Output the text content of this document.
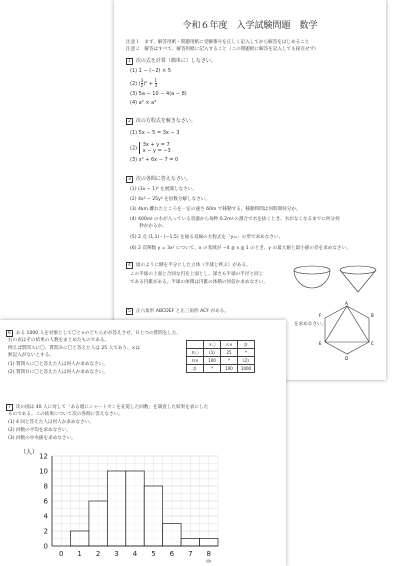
令和６年度　入学試験問題　数学
注意１　まず、解答用紙・問題用紙に受験番号を正しく記入してから解答をはじめること
注意２　解答はすべて、解答用紙に記入すること（この問題紙に解答を記入しても採点せず）
1 次の式を計算（簡単に）しなさい。
(1) 1 − (−2) × 5
(2) ( $\frac{3}{2})^2 + \frac{1}{3}$
(3) 5a − 10 − 4(a − 8)
(4) a² × a³
2 次の方程式を解きなさい。
(1) 5x − 5 = 3x − 3
(2)
3x + y = 7
x − y = −3
(3) x² + 6x − 7 = 0
3 次の各問に答えなさい。
(1) (3x − 1)² を展開しなさい。
(2) 4x² − 25y² を因数分解しなさい。
(3) 4km 離れたところを一定の速さ 60m で移動する。移動時間は何時間何分か。
(4) 400ml の水が入っている容器から毎秒 0.2ml の割合で水を抜くとき、水がなくなるまでに何分何
　　秒かかるか。
(5) 2 点 (1,1)・(−1,5) を通る直線の方程式を「y=」の形で求めなさい。
(6) 2 次関数 y = 3x² について、x の変域が −4 ≦ x ≦ 1 のとき、y の最大値と最小値の差を求めなさい。
4 図のように側を半分にした立体（半球と呼ぶ）がある。
この半球の上面と合同な円を上面とし、深さも半球の半径と同じ
である円錐がある。半球の体積は円錐の体積の何倍か求めなさい。
5 正六角形 ABCDEF と正三角形 ACF がある。
を求めなさい。
A
B
C
D
E
F
6 ある 1000 人を対象として〇と×のどちらかが答えさせ、Ｂとつの質問をした。
右の表はその結果の人数をまとめたものである。
例えば質問Ａに〇、質問Ｂに〇と答えた人は 25 人であり、×は
無記入がないとする。
(1) 質問Ａに〇と答えた人は何人か求めなさい。
(2) 質問Ｂに〇と答えた人は何人か求めなさい。
	Ａ〇	Ａ×	計
Ｂ〇	(1)	25	*
Ｂ×	100	*	(2)
計	*	100	1000
7 次の図は 40 人に対して「ある週にシャートセンを充電した回数」を調査した結果を表にした
ものである。この結果について次の各問に答えなさい。
(1) 4 回と答えた人は何人か求めなさい。
(2) 回数の平均を求めなさい。
(3) 回数の中央値を求めなさい。
0
2
4
6
8
10
12
0 1 2 3 4 5 6 7 8
（人）
(回)
